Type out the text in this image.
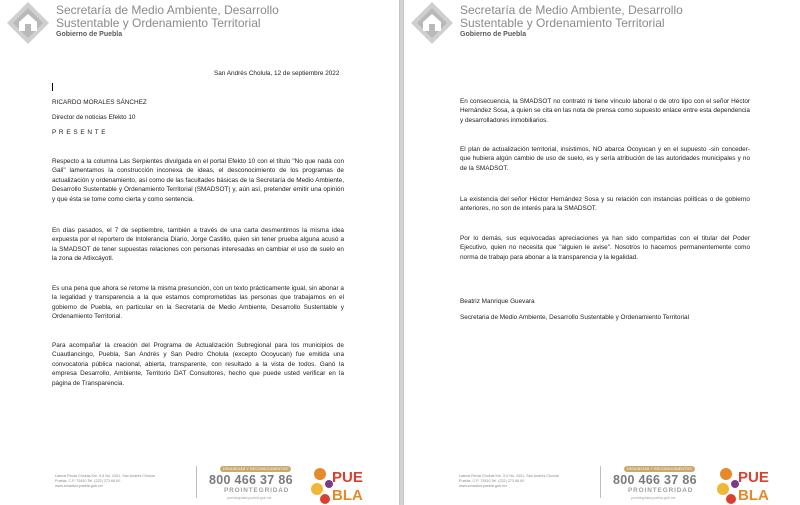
Secretaría de Medio Ambiente, Desarrollo
Sustentable y Ordenamiento Territorial
Gobierno de Puebla

San Andrés Cholula, 12 de septiembre 2022

RICARDO MORALES SÁNCHEZ

Director de noticias Efekto 10

P R E S E N T E

Respecto a la columna Las Serpientes divulgada en el portal Efekto 10 con el título "No que nada con Gali" lamentamos la construcción inconexa de ideas, el desconocimiento de los programas de actualización y ordenamiento, así como de las facultades básicas de la Secretaría de Medio Ambiente, Desarrollo Sustentable y Ordenamiento Territorial (SMADSOT) y, aún así, pretender emitir una opinión y que ésta se tome como cierta y como sentencia.

En días pasados, el 7 de septiembre, también a través de una carta desmentimos la misma idea expuesta por el reportero de Intolerancia Diario, Jorge Castillo, quien sin tener prueba alguna acusó a la SMADSOT de tener supuestas relaciones con personas interesadas en cambiar el uso de suelo en la zona de Atlixcáyotl.

Es una pena que ahora se retome la misma presunción, con un texto prácticamente igual, sin abonar a la legalidad y transparencia a la que estamos comprometidas las personas que trabajamos en el gobierno de Puebla, en particular en la Secretaría de Medio Ambiente, Desarrollo Sustentable y Ordenamiento Territorial.

Para acompañar la creación del Programa de Actualización Subregional para los municipios de Cuautlancingo, Puebla, San Andrés y San Pedro Cholula (excepto Ocoyucan) fue emitida una convocatoria pública nacional, abierta, transparente, con resultado a la vista de todos. Ganó la empresa Desarrollo, Ambiente, Territorio DAT Consultores, hecho que puede usted verificar en la página de Transparencia.

Lateral Recta Cholula Km. 5.5 No. 2401, San Andrés Cholula
Puebla, C.P. 72810 Tel. (222) 273 68 00
www.smadsot.puebla.gob.mx
DENUNCIAS Y RECONOCIMIENTOS
800 466 37 86
PROINTEGRIDAD
prointegridad.puebla.gob.mx
PUE
BLA
Secretaría de Medio Ambiente, Desarrollo
Sustentable y Ordenamiento Territorial
Gobierno de Puebla

En consecuencia, la SMADSOT no contrató ni tiene vínculo laboral o de otro tipo con el señor Héctor Hernández Sosa, a quien se cita en las nota de prensa como supuesto enlace entre esta dependencia y desarrolladores inmobiliarios.

El plan de actualización territorial, insistimos, NO abarca Ocoyucan y en el supuesto -sin conceder- que hubiera algún cambio de uso de suelo, es y sería atribución de las autoridades municipales y no de la SMADSOT.

La existencia del señor Héctor Hernández Sosa y su relación con instancias políticas o de gobierno anteriores, no son de interés para la SMADSOT.

Por lo demás, sus equivocadas apreciaciones ya han sido compartidas con el titular del Poder Ejecutivo, quien no necesita que "alguien le avise". Nosotros lo hacemos permanentemente como norma de trabajo para abonar a la transparencia y la legalidad.

Beatriz Manrique Guevara

Secretaria de Medio Ambiente, Desarrollo Sustentable y Ordenamiento Territorial

Lateral Recta Cholula Km. 5.5 No. 2401, San Andrés Cholula
Puebla, C.P. 72810 Tel. (222) 273 68 00
www.smadsot.puebla.gob.mx
DENUNCIAS Y RECONOCIMIENTOS
800 466 37 86
PROINTEGRIDAD
prointegridad.puebla.gob.mx
PUE
BLA
